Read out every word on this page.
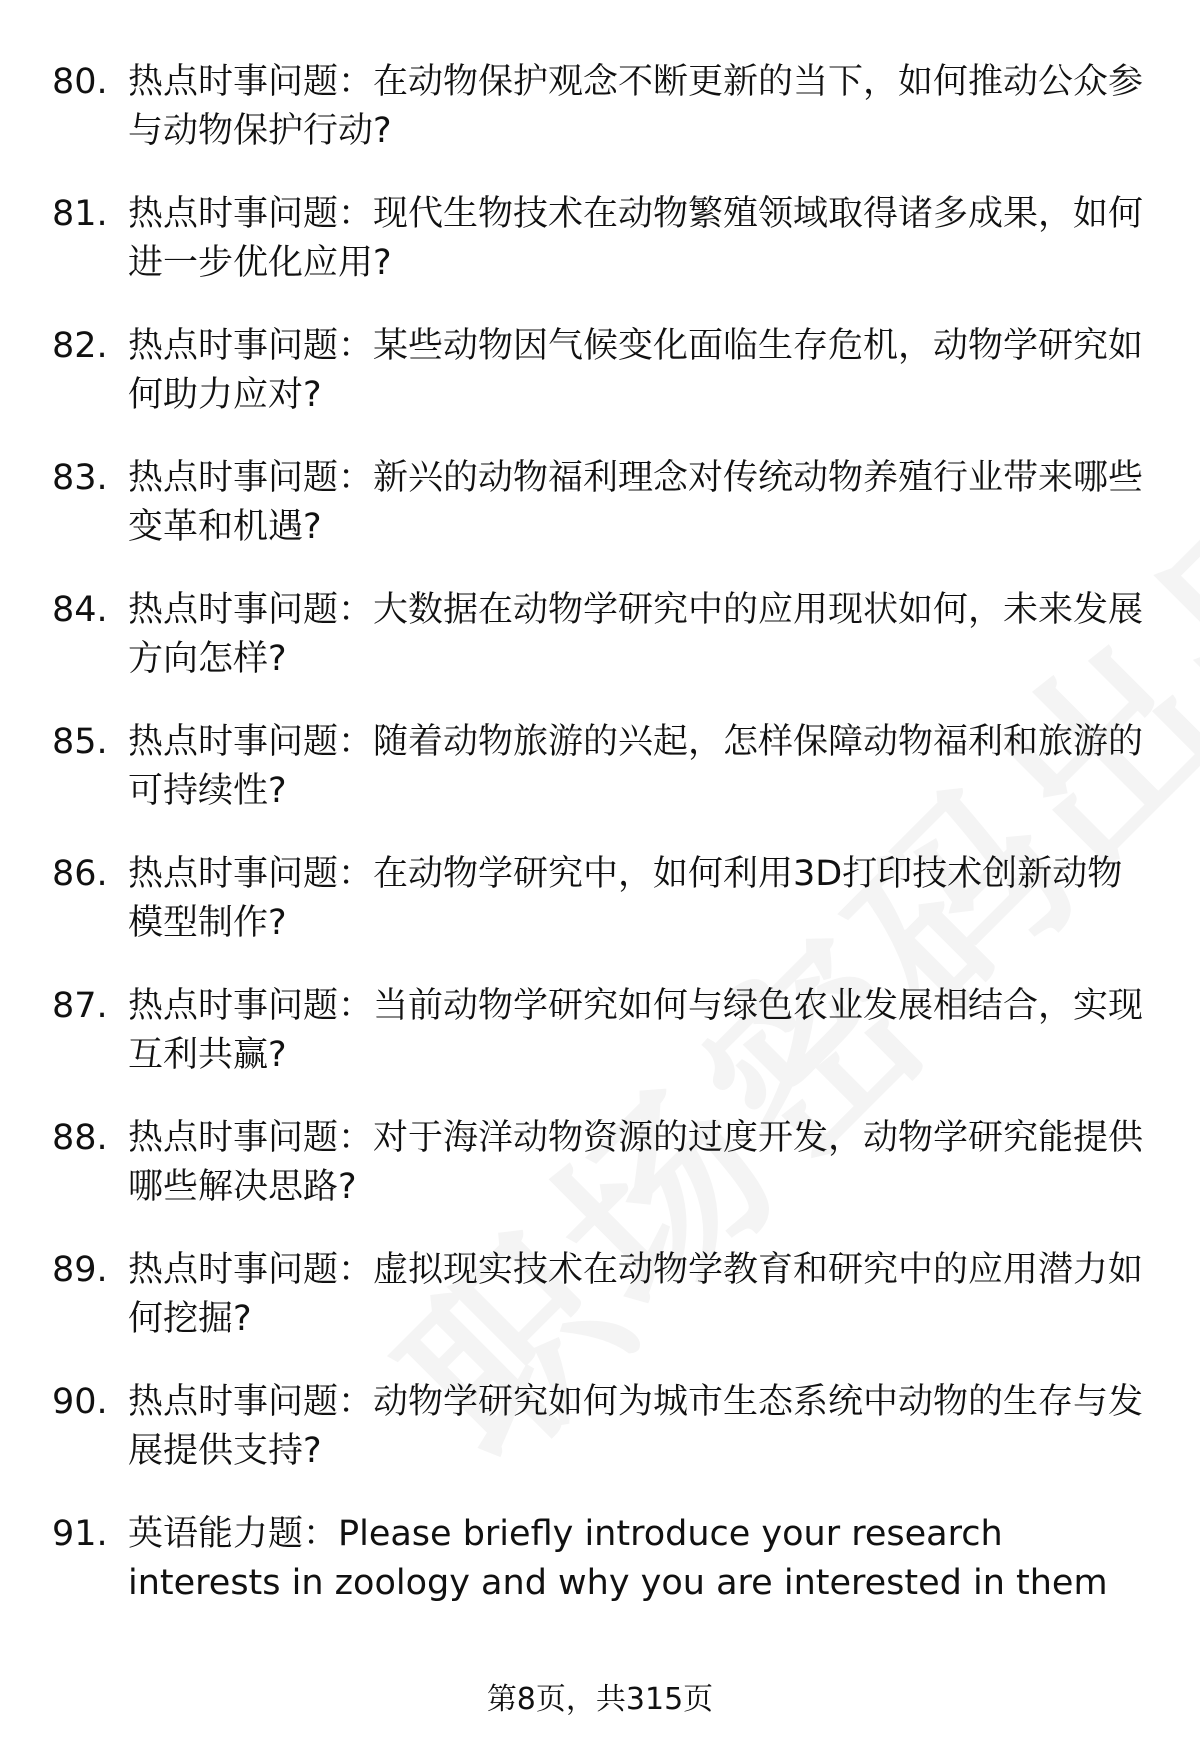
80. 热点时事问题：在动物保护观念不断更新的当下，如何推动公众参与动物保护行动?
81. 热点时事问题：现代生物技术在动物繁殖领域取得诸多成果，如何进一步优化应用?
82. 热点时事问题：某些动物因气候变化面临生存危机，动物学研究如何助力应对?
83. 热点时事问题：新兴的动物福利理念对传统动物养殖行业带来哪些变革和机遇?
84. 热点时事问题：大数据在动物学研究中的应用现状如何，未来发展方向怎样?
85. 热点时事问题：随着动物旅游的兴起，怎样保障动物福利和旅游的可持续性?
86. 热点时事问题：在动物学研究中，如何利用3D打印技术创新动物模型制作?
87. 热点时事问题：当前动物学研究如何与绿色农业发展相结合，实现互利共赢?
88. 热点时事问题：对于海洋动物资源的过度开发，动物学研究能提供哪些解决思路?
89. 热点时事问题：虚拟现实技术在动物学教育和研究中的应用潜力如何挖掘?
90. 热点时事问题：动物学研究如何为城市生态系统中动物的生存与发展提供支持?
91. 英语能力题：Please briefly introduce your research interests in zoology and why you are interested in them
第8页，共315页
